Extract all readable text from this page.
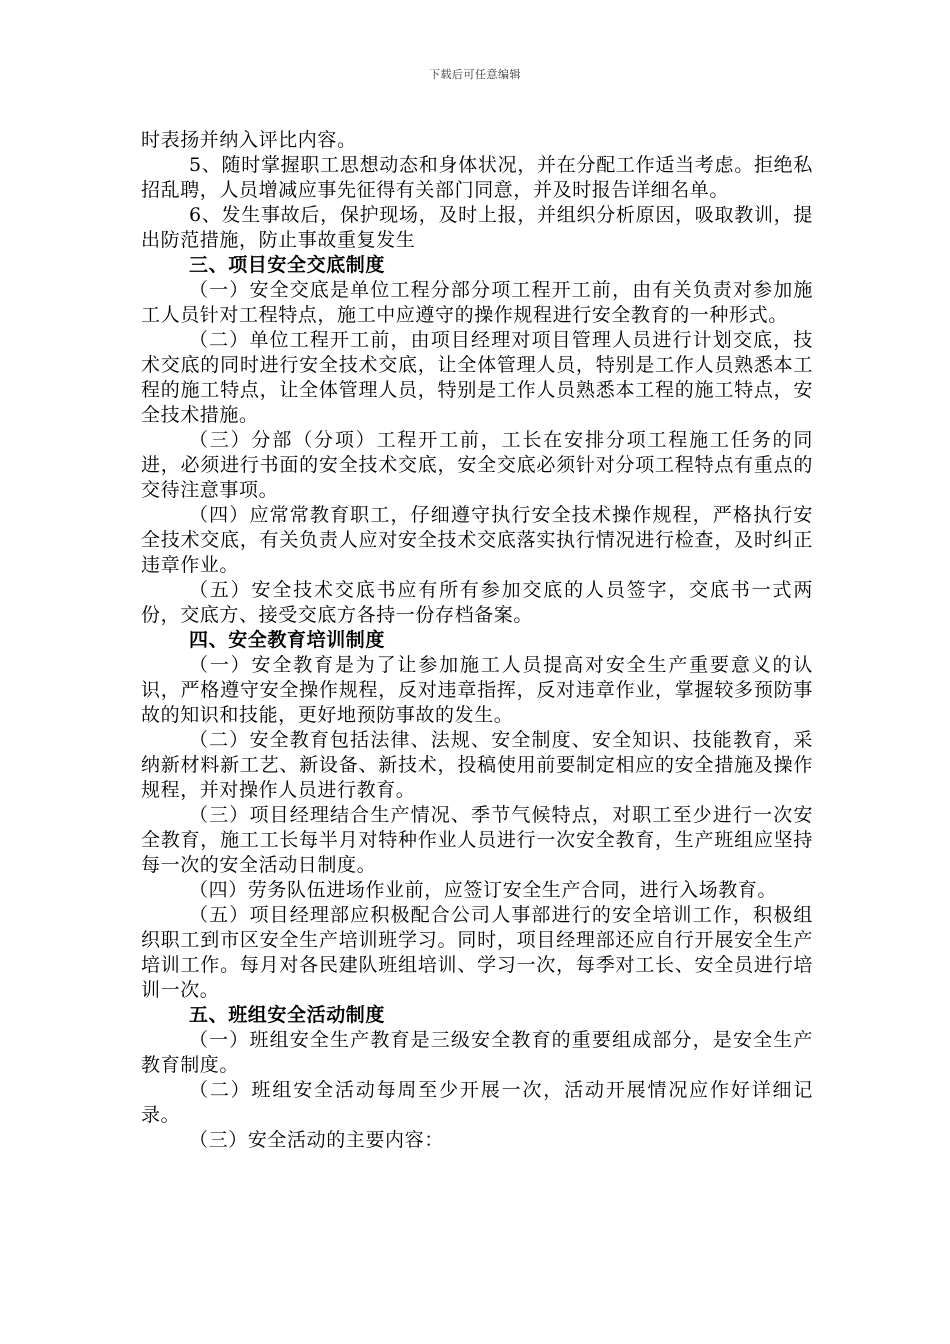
下载后可任意编辑

时表扬并纳入评比内容。

5、随时掌握职工思想动态和身体状况，并在分配工作适当考虑。拒绝私招乱聘，人员增减应事先征得有关部门同意，并及时报告详细名单。

6、发生事故后，保护现场，及时上报，并组织分析原因，吸取教训，提出防范措施，防止事故重复发生

三、项目安全交底制度

（一）安全交底是单位工程分部分项工程开工前，由有关负责对参加施工人员针对工程特点，施工中应遵守的操作规程进行安全教育的一种形式。

（二）单位工程开工前，由项目经理对项目管理人员进行计划交底，技术交底的同时进行安全技术交底，让全体管理人员，特别是工作人员熟悉本工程的施工特点，让全体管理人员，特别是工作人员熟悉本工程的施工特点，安全技术措施。

（三）分部（分项）工程开工前，工长在安排分项工程施工任务的同进，必须进行书面的安全技术交底，安全交底必须针对分项工程特点有重点的交待注意事项。

（四）应常常教育职工，仔细遵守执行安全技术操作规程，严格执行安全技术交底，有关负责人应对安全技术交底落实执行情况进行检查，及时纠正违章作业。

（五）安全技术交底书应有所有参加交底的人员签字，交底书一式两份，交底方、接受交底方各持一份存档备案。

四、安全教育培训制度

（一）安全教育是为了让参加施工人员提高对安全生产重要意义的认识，严格遵守安全操作规程，反对违章指挥，反对违章作业，掌握较多预防事故的知识和技能，更好地预防事故的发生。

（二）安全教育包括法律、法规、安全制度、安全知识、技能教育，采纳新材料新工艺、新设备、新技术，投稿使用前要制定相应的安全措施及操作规程，并对操作人员进行教育。

（三）项目经理结合生产情况、季节气候特点，对职工至少进行一次安全教育，施工工长每半月对特种作业人员进行一次安全教育，生产班组应坚持每一次的安全活动日制度。

（四）劳务队伍进场作业前，应签订安全生产合同，进行入场教育。

（五）项目经理部应积极配合公司人事部进行的安全培训工作，积极组织职工到市区安全生产培训班学习。同时，项目经理部还应自行开展安全生产培训工作。每月对各民建队班组培训、学习一次，每季对工长、安全员进行培训一次。

五、班组安全活动制度

（一）班组安全生产教育是三级安全教育的重要组成部分，是安全生产教育制度。

（二）班组安全活动每周至少开展一次，活动开展情况应作好详细记录。

（三）安全活动的主要内容：
